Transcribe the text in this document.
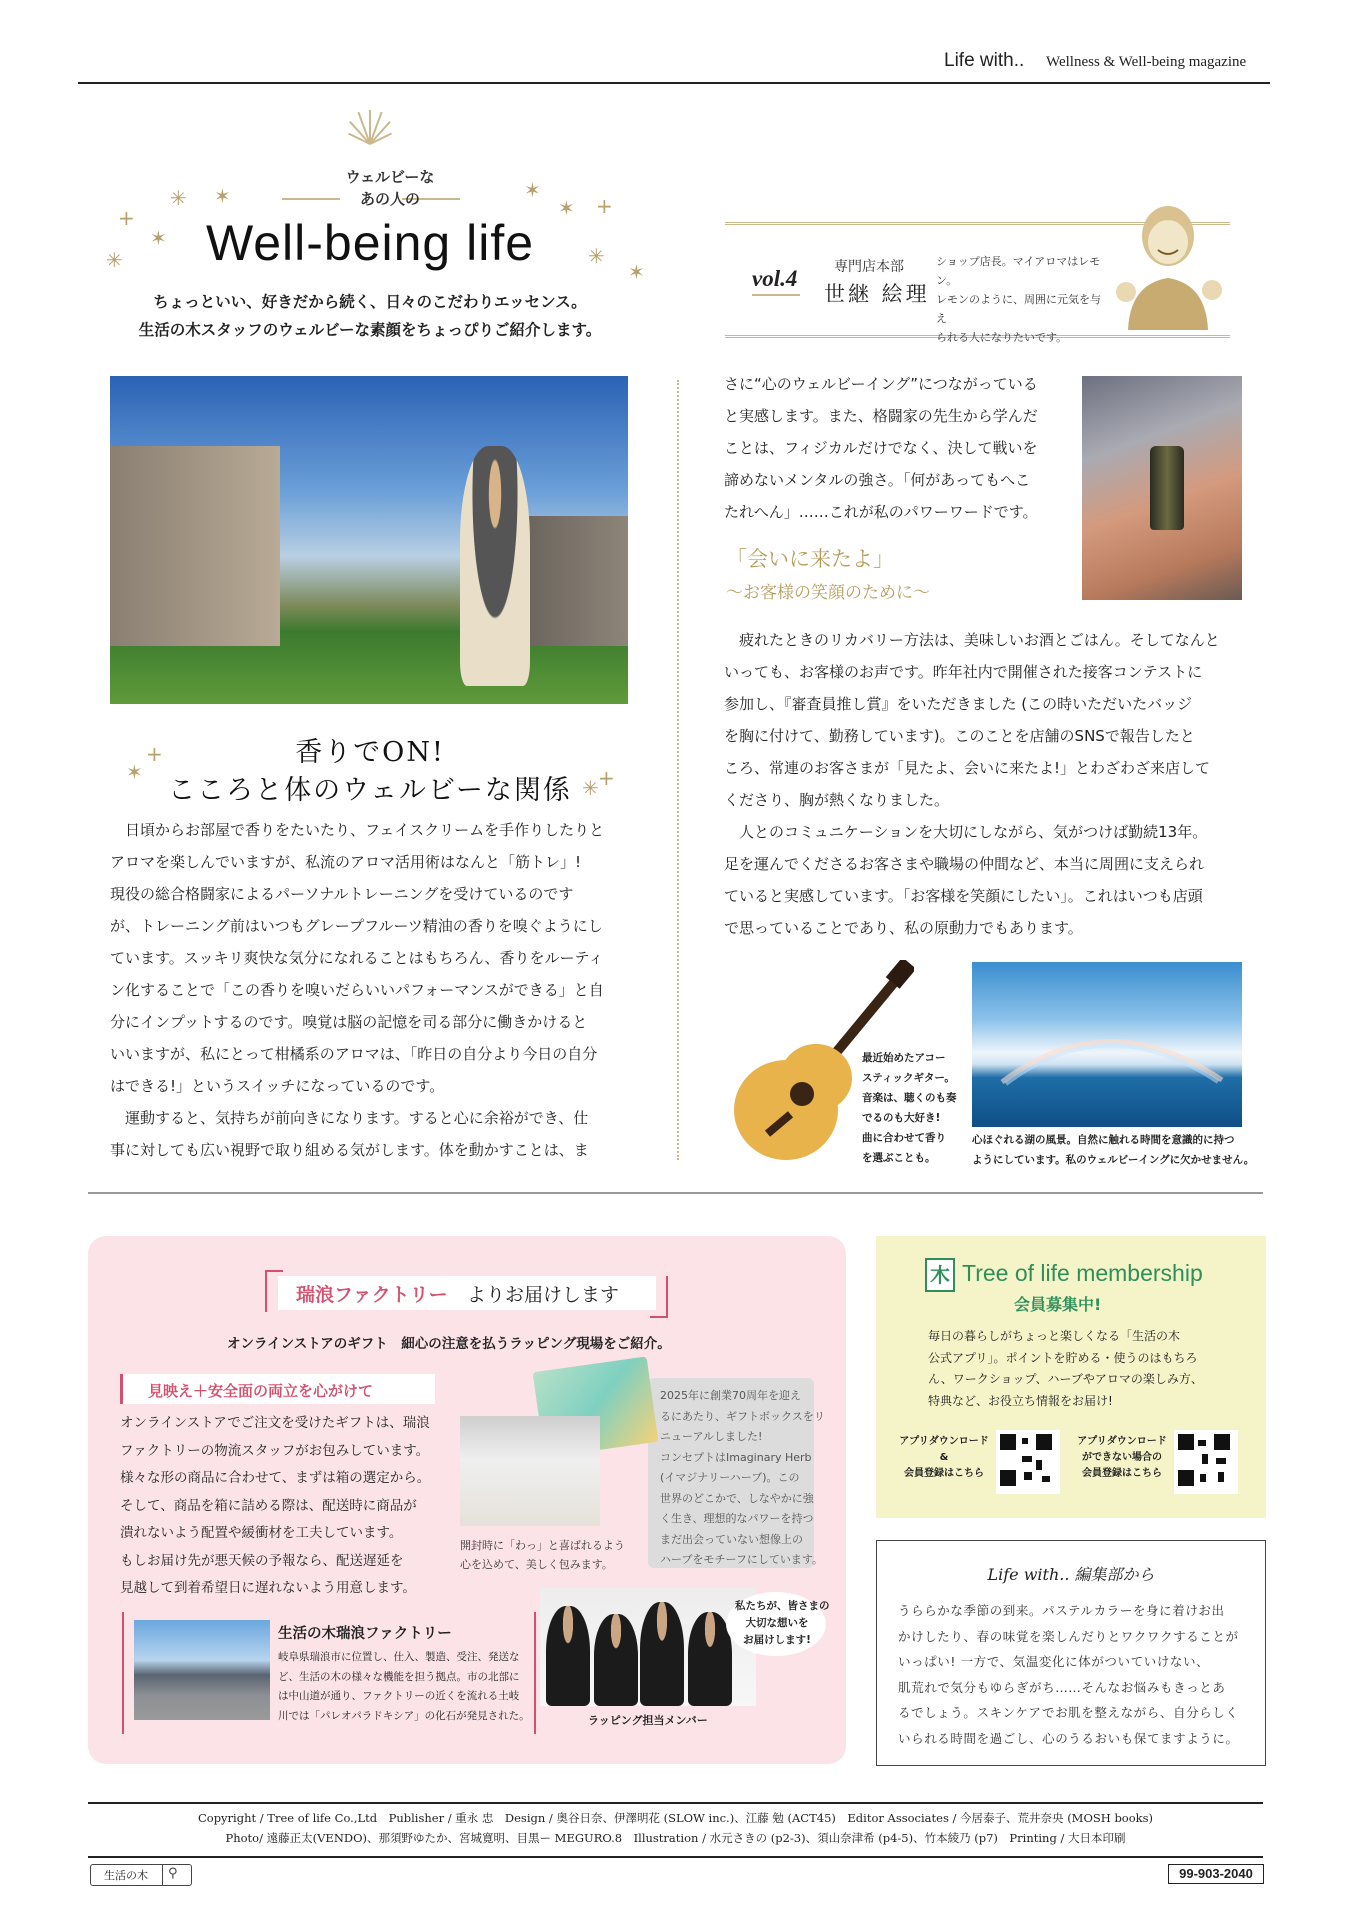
Life with.. Wellness & Well-being magazine
+
✳ ✶
✶
✳
✶
✶ +
✳
✶
ウェルビーな
あの人の
Well-being life
ちょっといい、好きだから続く、日々のこだわりエッセンス。
生活の木スタッフのウェルビーな素顔をちょっぴりご紹介します。
vol.4	専門店本部
世継 絵理
ショップ店長。マイアロマはレモン。
レモンのように、周囲に元気を与え
られる人になりたいです。
+
✶
✳ +
香りでON!
こころと体のウェルビーな関係
　日頃からお部屋で香りをたいたり、フェイスクリームを手作りしたりと
アロマを楽しんでいますが、私流のアロマ活用術はなんと「筋トレ」!
現役の総合格闘家によるパーソナルトレーニングを受けているのです
が、トレーニング前はいつもグレープフルーツ精油の香りを嗅ぐようにし
ています。スッキリ爽快な気分になれることはもちろん、香りをルーティ
ン化することで「この香りを嗅いだらいいパフォーマンスができる」と自
分にインプットするのです。嗅覚は脳の記憶を司る部分に働きかけると
いいますが、私にとって柑橘系のアロマは、「昨日の自分より今日の自分
はできる!」というスイッチになっているのです。
　運動すると、気持ちが前向きになります。すると心に余裕ができ、仕
事に対しても広い視野で取り組める気がします。体を動かすことは、ま
さに“心のウェルビーイング”につながっている
と実感します。また、格闘家の先生から学んだ
ことは、フィジカルだけでなく、決して戦いを
諦めないメンタルの強さ。「何があってもへこ
たれへん」……これが私のパワーワードです。
「会いに来たよ」
〜お客様の笑顔のために〜
　疲れたときのリカバリー方法は、美味しいお酒とごはん。そしてなんと
いっても、お客様のお声です。昨年社内で開催された接客コンテストに
参加し、『審査員推し賞』をいただきました (この時いただいたバッジ
を胸に付けて、勤務しています)。このことを店舗のSNSで報告したと
ころ、常連のお客さまが「見たよ、会いに来たよ!」とわざわざ来店して
くださり、胸が熱くなりました。
　人とのコミュニケーションを大切にしながら、気がつけば勤続13年。
足を運んでくださるお客さまや職場の仲間など、本当に周囲に支えられ
ていると実感しています。「お客様を笑顔にしたい」。これはいつも店頭
で思っていることであり、私の原動力でもあります。
最近始めたアコー
スティックギター。
音楽は、聴くのも奏
でるのも大好き!
曲に合わせて香り
を選ぶことも。
心ほぐれる湖の風景。自然に触れる時間を意識的に持つ
ようにしています。私のウェルビーイングに欠かせません。
瑞浪ファクトリー よりお届けします
オンラインストアのギフト　細心の注意を払うラッピング現場をご紹介。
見映え＋安全面の両立を心がけて
オンラインストアでご注文を受けたギフトは、瑞浪
ファクトリーの物流スタッフがお包みしています。
様々な形の商品に合わせて、まずは箱の選定から。
そして、商品を箱に詰める際は、配送時に商品が
潰れないよう配置や緩衝材を工夫しています。
もしお届け先が悪天候の予報なら、配送遅延を
見越して到着希望日に遅れないよう用意します。
2025年に創業70周年を迎え
るにあたり、ギフトボックスをリ
ニューアルしました!
コンセプトはImaginary Herb
(イマジナリーハーブ)。この
世界のどこかで、しなやかに強
く生き、理想的なパワーを持つ
まだ出会っていない想像上の
ハーブをモチーフにしています。
開封時に「わっ」と喜ばれるよう
心を込めて、美しく包みます。
生活の木瑞浪ファクトリー
岐阜県瑞浪市に位置し、仕入、製造、受注、発送な
ど、生活の木の様々な機能を担う拠点。市の北部に
は中山道が通り、ファクトリーの近くを流れる土岐
川では「パレオパラドキシア」の化石が発見された。
私たちが、皆さまの
大切な想いを
お届けします!
ラッピング担当メンバー
木 Tree of life membership
会員募集中!
毎日の暮らしがちょっと楽しくなる「生活の木
公式アプリ」。ポイントを貯める・使うのはもちろ
ん、ワークショップ、ハーブやアロマの楽しみ方、
特典など、お役立ち情報をお届け!
アプリダウンロード
&
会員登録はこちら
アプリダウンロード
ができない場合の
会員登録はこちら
Life with.. 編集部から
うららかな季節の到来。パステルカラーを身に着けお出
かけしたり、春の味覚を楽しんだりとワクワクすることが
いっぱい! 一方で、気温変化に体がついていけない、
肌荒れで気分もゆらぎがち……そんなお悩みもきっとあ
るでしょう。スキンケアでお肌を整えながら、自分らしく
いられる時間を過ごし、心のうるおいも保てますように。
Copyright / Tree of life Co.,Ltd　Publisher / 重永 忠　Design / 奥谷日奈、伊澤明花 (SLOW inc.)、江藤 勉 (ACT45)　Editor Associates / 今居泰子、荒井奈央 (MOSH books)
Photo/ 遠藤正太(VENDO)、那須野ゆたか、宮城寛明、目黒ー MEGURO.8　Illustration / 水元さきの (p2-3)、須山奈津希 (p4-5)、竹本綾乃 (p7)　Printing / 大日本印刷
生活の木 ⚲	99-903-2040
